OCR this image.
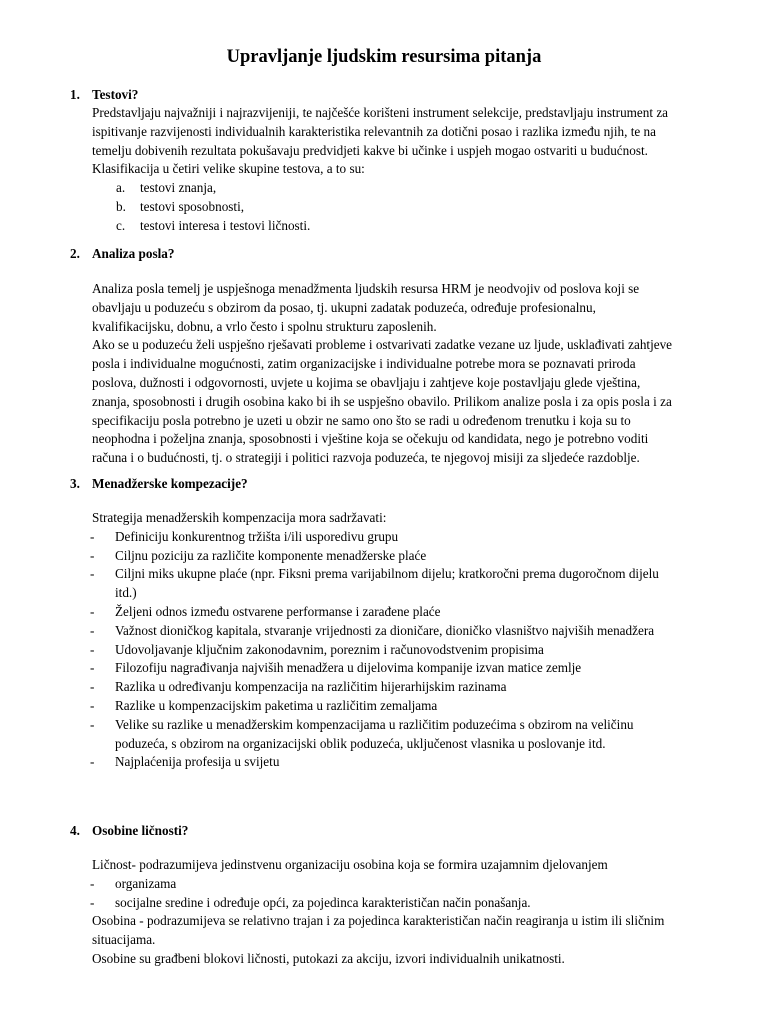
Upravljanje ljudskim resursima pitanja
1. Testovi?

Predstavljaju najvažniji i najrazvijeniji, te najčešće korišteni instrument selekcije, predstavljaju instrument za

ispitivanje razvijenosti individualnih karakteristika relevantnih za dotični posao i razlika između njih, te na

temelju dobivenih rezultata pokušavaju predvidjeti kakve bi učinke i uspjeh mogao ostvariti u budućnost.

Klasifikacija u četiri velike skupine testova, a to su:

a. testovi znanja,
b. testovi sposobnosti,
c. testovi interesa i testovi ličnosti.
2. Analiza posla?

Analiza posla temelj je uspješnoga menadžmenta ljudskih resursa HRM je neodvojiv od poslova koji se

obavljaju u poduzeću s obzirom da posao, tj. ukupni zadatak poduzeća, određuje profesionalnu,

kvalifikacijsku, dobnu, a vrlo često i spolnu strukturu zaposlenih.

Ako se u poduzeću želi uspješno rješavati probleme i ostvarivati zadatke vezane uz ljude, usklađivati zahtjeve

posla i individualne mogućnosti, zatim organizacijske i individualne potrebe mora se poznavati priroda

poslova, dužnosti i odgovornosti, uvjete u kojima se obavljaju i zahtjeve koje postavljaju glede vještina,

znanja, sposobnosti i drugih osobina kako bi ih se uspješno obavilo. Prilikom analize posla i za opis posla i za

specifikaciju posla potrebno je uzeti u obzir ne samo ono što se radi u određenom trenutku i koja su to

neophodna i poželjna znanja, sposobnosti i vještine koja se očekuju od kandidata, nego je potrebno voditi

računa i o budućnosti, tj. o strategiji i politici razvoja poduzeća, te njegovoj misiji za sljedeće razdoblje.

3. Menadžerske kompezacije?

Strategija menadžerskih kompenzacija mora sadržavati:

- Definiciju konkurentnog tržišta i/ili usporedivu grupu
- Ciljnu poziciju za različite komponente menadžerske plaće
- Ciljni miks ukupne plaće (npr. Fiksni prema varijabilnom dijelu; kratkoročni prema dugoročnom dijelu
itd.)
- Željeni odnos između ostvarene performanse i zarađene plaće
- Važnost dioničkog kapitala, stvaranje vrijednosti za dioničare, dioničko vlasništvo najviših menadžera
- Udovoljavanje ključnim zakonodavnim, poreznim i računovodstvenim propisima
- Filozofiju nagrađivanja najviših menadžera u dijelovima kompanije izvan matice zemlje
- Razlika u određivanju kompenzacija na različitim hijerarhijskim razinama
- Razlike u kompenzacijskim paketima u različitim zemaljama
- Velike su razlike u menadžerskim kompenzacijama u različitim poduzećima s obzirom na veličinu
poduzeća, s obzirom na organizacijski oblik poduzeća, uključenost vlasnika u poslovanje itd.
- Najplaćenija profesija u svijetu
4. Osobine ličnosti?

Ličnost- podrazumijeva jedinstvenu organizaciju osobina koja se formira uzajamnim djelovanjem

- organizama
- socijalne sredine i određuje opći, za pojedinca karakterističan način ponašanja.

Osobina - podrazumijeva se relativno trajan i za pojedinca karakterističan način reagiranja u istim ili sličnim

situacijama.

Osobine su građbeni blokovi ličnosti, putokazi za akciju, izvori individualnih unikatnosti.
